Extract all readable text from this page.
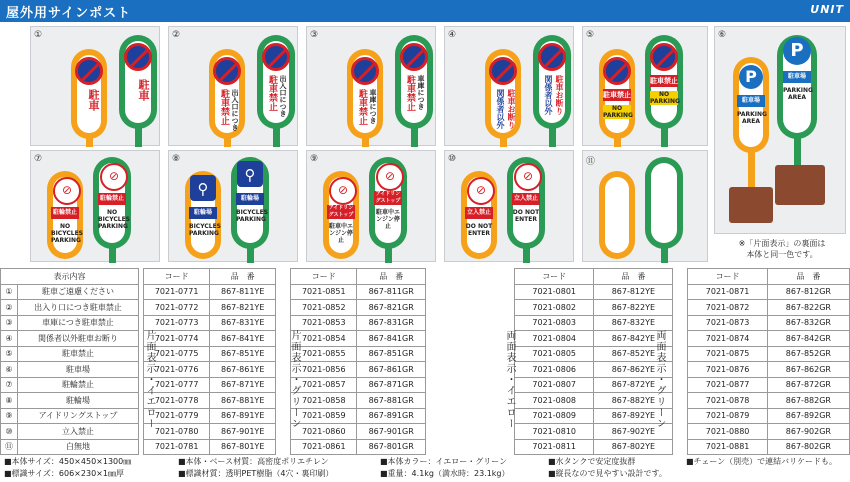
屋外用サインポスト	UNIT
①
駐車	駐車
②
駐車禁止 出入口につき	駐車禁止 出入口につき
③
駐車禁止 車庫につき	駐車禁止 車庫につき
④
関係者以外 駐車お断り	関係者以外 駐車お断り
⑤
駐車禁止
NO PARKING
駐車禁止
NO PARKING
⑥
P
駐車場
PARKING AREA
P
駐車場
PARKING AREA
⑦
⊘
駐輪禁止
NO BICYCLES PARKING
⊘
駐輪禁止
NO BICYCLES PARKING
⑧
⚲
駐輪場
BICYCLES PARKING
⚲
駐輪場
BICYCLES PARKING
⑨
⊘
アイドリングストップ
駐車中エンジン停止
⊘
アイドリングストップ
駐車中エンジン停止
⑩
⊘
立入禁止
DO NOT ENTER
⊘
立入禁止
DO NOT ENTER
⑪
※「片面表示」の裏面は
本体と同一色です。
表示内容			コード	品　番		コード	品　番
①	駐車ご遠慮ください		7021-0771	867-811YE		7021-0851	867-811GR
②	出入り口につき駐車禁止		7021-0772	867-821YE		7021-0852	867-821GR
③	車庫につき駐車禁止		7021-0773	867-831YE		7021-0853	867-831GR
④	関係者以外駐車お断り		7021-0774	867-841YE		7021-0854	867-841GR
⑤	駐車禁止		7021-0775	867-851YE		7021-0855	867-851GR
⑥	駐車場		7021-0776	867-861YE		7021-0856	867-861GR
⑦	駐輪禁止		7021-0777	867-871YE		7021-0857	867-871GR
⑧	駐輪場		7021-0778	867-881YE		7021-0858	867-881GR
⑨	アイドリングストップ		7021-0779	867-891YE		7021-0859	867-891GR
⑩	立入禁止		7021-0780	867-901YE		7021-0860	867-901GR
⑪	白無地		7021-0781	867-801YE		7021-0861	867-801GR
	コード	品　番		コード	品　番
	7021-0801	867-812YE		7021-0871	867-812GR
	7021-0802	867-822YE		7021-0872	867-822GR
	7021-0803	867-832YE		7021-0873	867-832GR
	7021-0804	867-842YE		7021-0874	867-842GR
	7021-0805	867-852YE		7021-0875	867-852GR
	7021-0806	867-862YE		7021-0876	867-862GR
	7021-0807	867-872YE		7021-0877	867-872GR
	7021-0808	867-882YE		7021-0878	867-882GR
	7021-0809	867-892YE		7021-0879	867-892GR
	7021-0810	867-902YE		7021-0880	867-902GR
	7021-0811	867-802YE		7021-0881	867-802GR
片面表示・イエロー	片面表示・グリーン	両面表示・イエロー	両面表示・グリーン
■本体サイズ：450×450×1300㎜
■標識サイズ：606×230×1㎜厚
■本体・ベース材質：高密度ポリエチレン
■標識材質：透明PET樹脂（4穴・裏印刷）
■本体カラー：イエロー・グリーン
■重量：4.1kg（満水時：23.1kg）
■水タンクで安定度抜群
■縦長なので見やすい設計です。
■チェーン（別売）で連結バリケードも。
